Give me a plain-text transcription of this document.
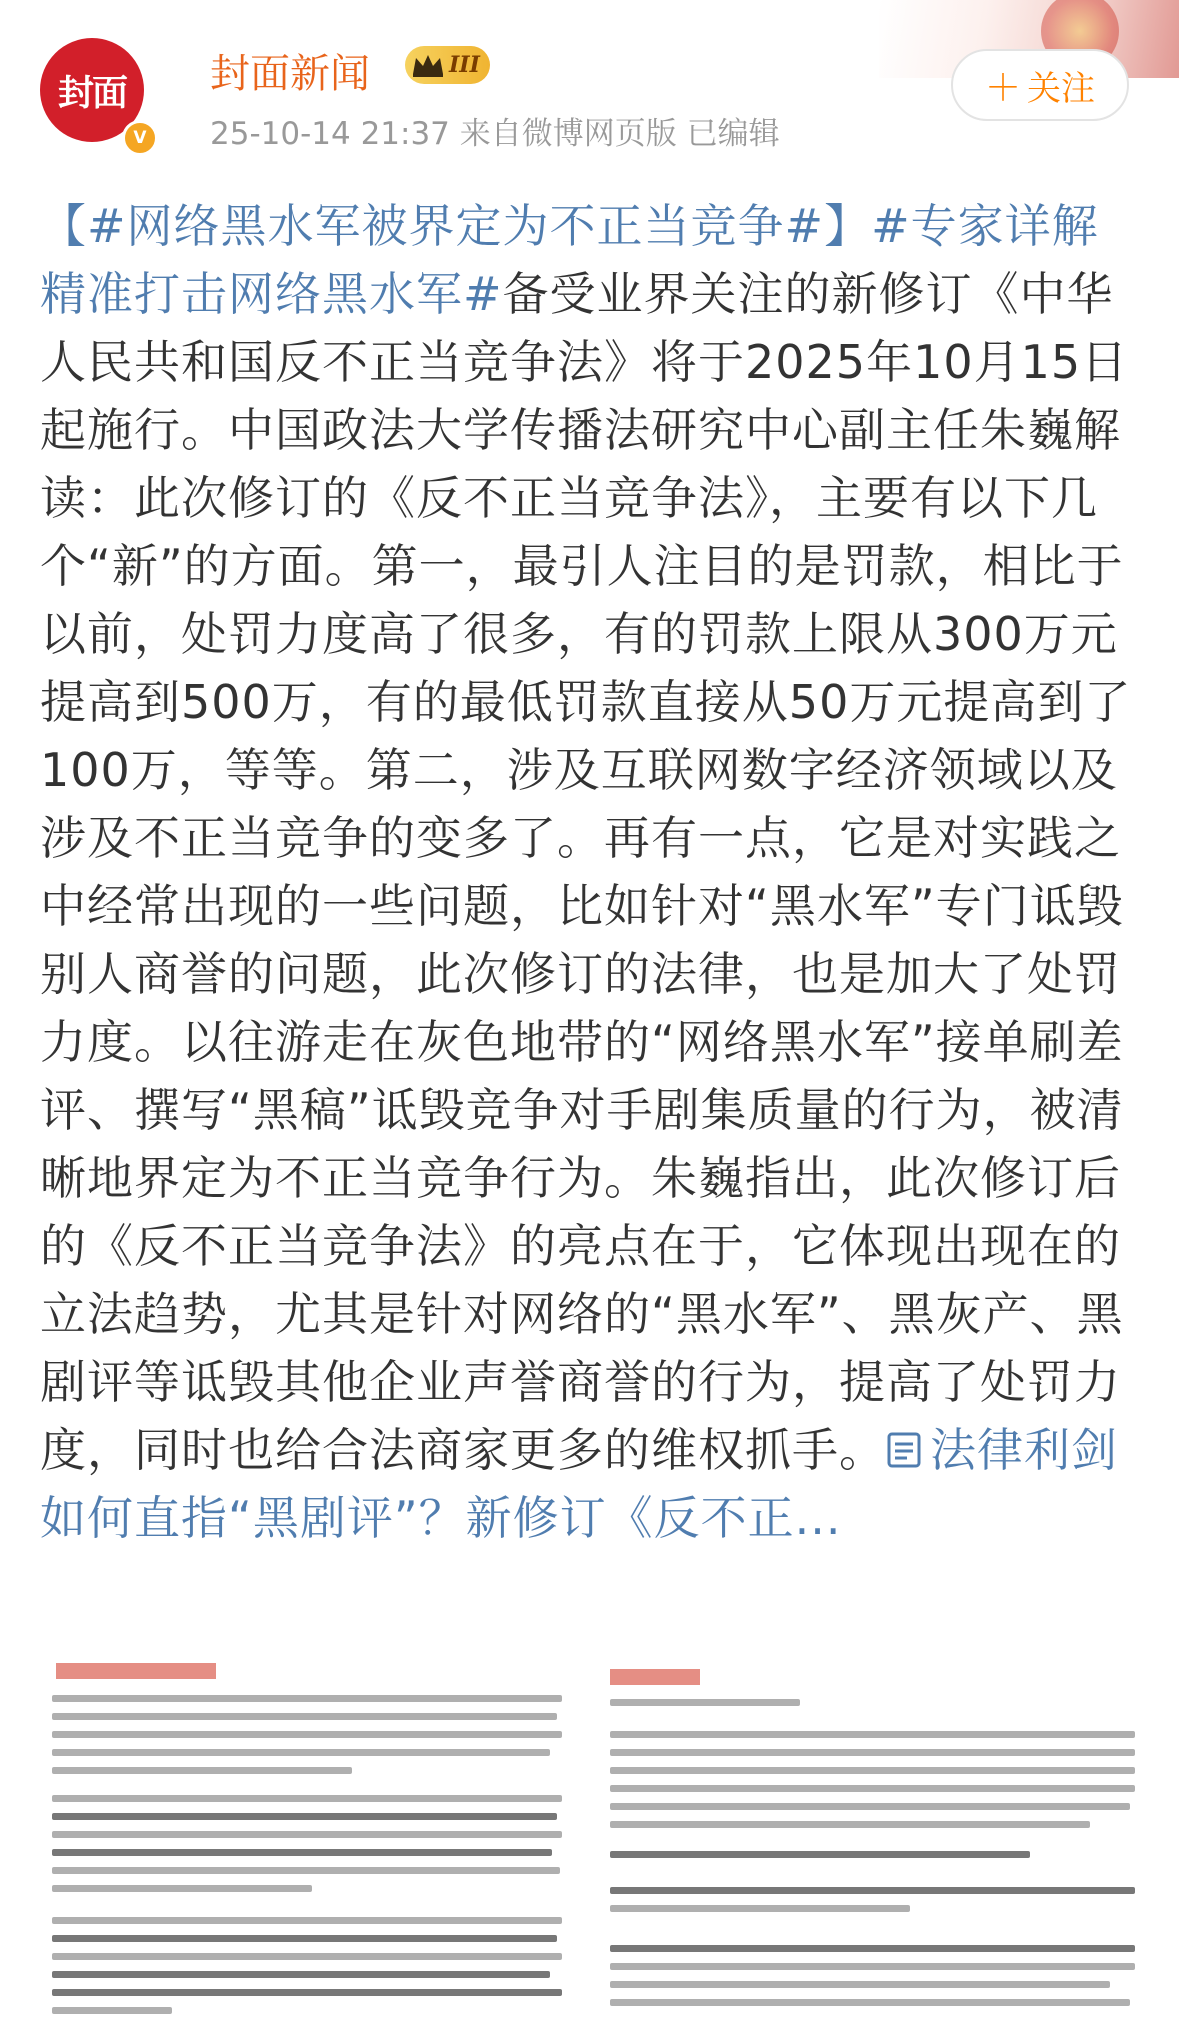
封面
V
封面新闻	III
25-10-14 21:37 来自微博网页版 已编辑
＋ 关注
【#网络黑水军被界定为不正当竞争#】#专家详解精准打击网络黑水军#备受业界关注的新修订《中华人民共和国反不正当竞争法》将于2025年10月15日起施行。中国政法大学传播法研究中心副主任朱巍解读：此次修订的《反不正当竞争法》，主要有以下几个“新”的方面。第一，最引人注目的是罚款，相比于以前，处罚力度高了很多，有的罚款上限从300万元提高到500万，有的最低罚款直接从50万元提高到了100万，等等。第二，涉及互联网数字经济领域以及涉及不正当竞争的变多了。再有一点，它是对实践之中经常出现的一些问题，比如针对“黑水军”专门诋毁别人商誉的问题，此次修订的法律，也是加大了处罚力度。以往游走在灰色地带的“网络黑水军”接单刷差评、撰写“黑稿”诋毁竞争对手剧集质量的行为，被清晰地界定为不正当竞争行为。朱巍指出，此次修订后的《反不正当竞争法》的亮点在于，它体现出现在的立法趋势，尤其是针对网络的“黑水军”、黑灰产、黑剧评等诋毁其他企业声誉商誉的行为，提高了处罚力度，同时也给合法商家更多的维权抓手。 法律利剑如何直指“黑剧评”？新修订《反不正...
